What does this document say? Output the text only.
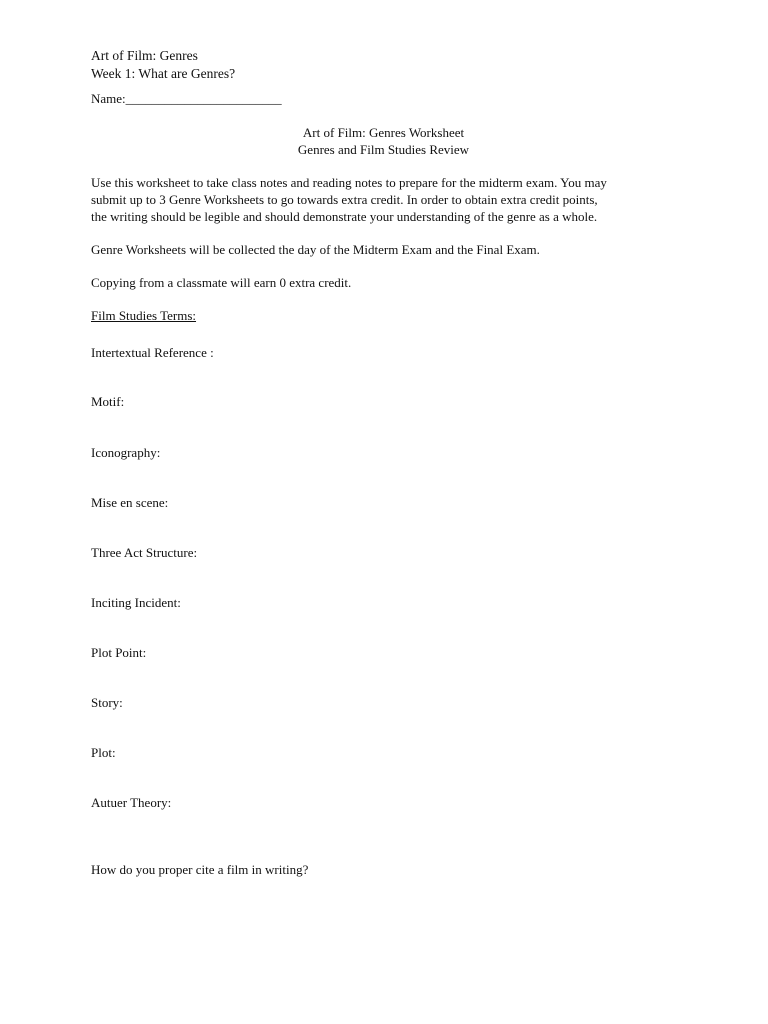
Art of Film: Genres
Week 1: What are Genres?
Name:________________________
Art of Film: Genres Worksheet
Genres and Film Studies Review
Use this worksheet to take class notes and reading notes to prepare for the midterm exam. You may
submit up to 3 Genre Worksheets to go towards extra credit. In order to obtain extra credit points,
the writing should be legible and should demonstrate your understanding of the genre as a whole.
Genre Worksheets will be collected the day of the Midterm Exam and the Final Exam.
Copying from a classmate will earn 0 extra credit.
Film Studies Terms:
Intertextual Reference :
Motif:
Iconography:
Mise en scene:
Three Act Structure:
Inciting Incident:
Plot Point:
Story:
Plot:
Autuer Theory:
How do you proper cite a film in writing?
